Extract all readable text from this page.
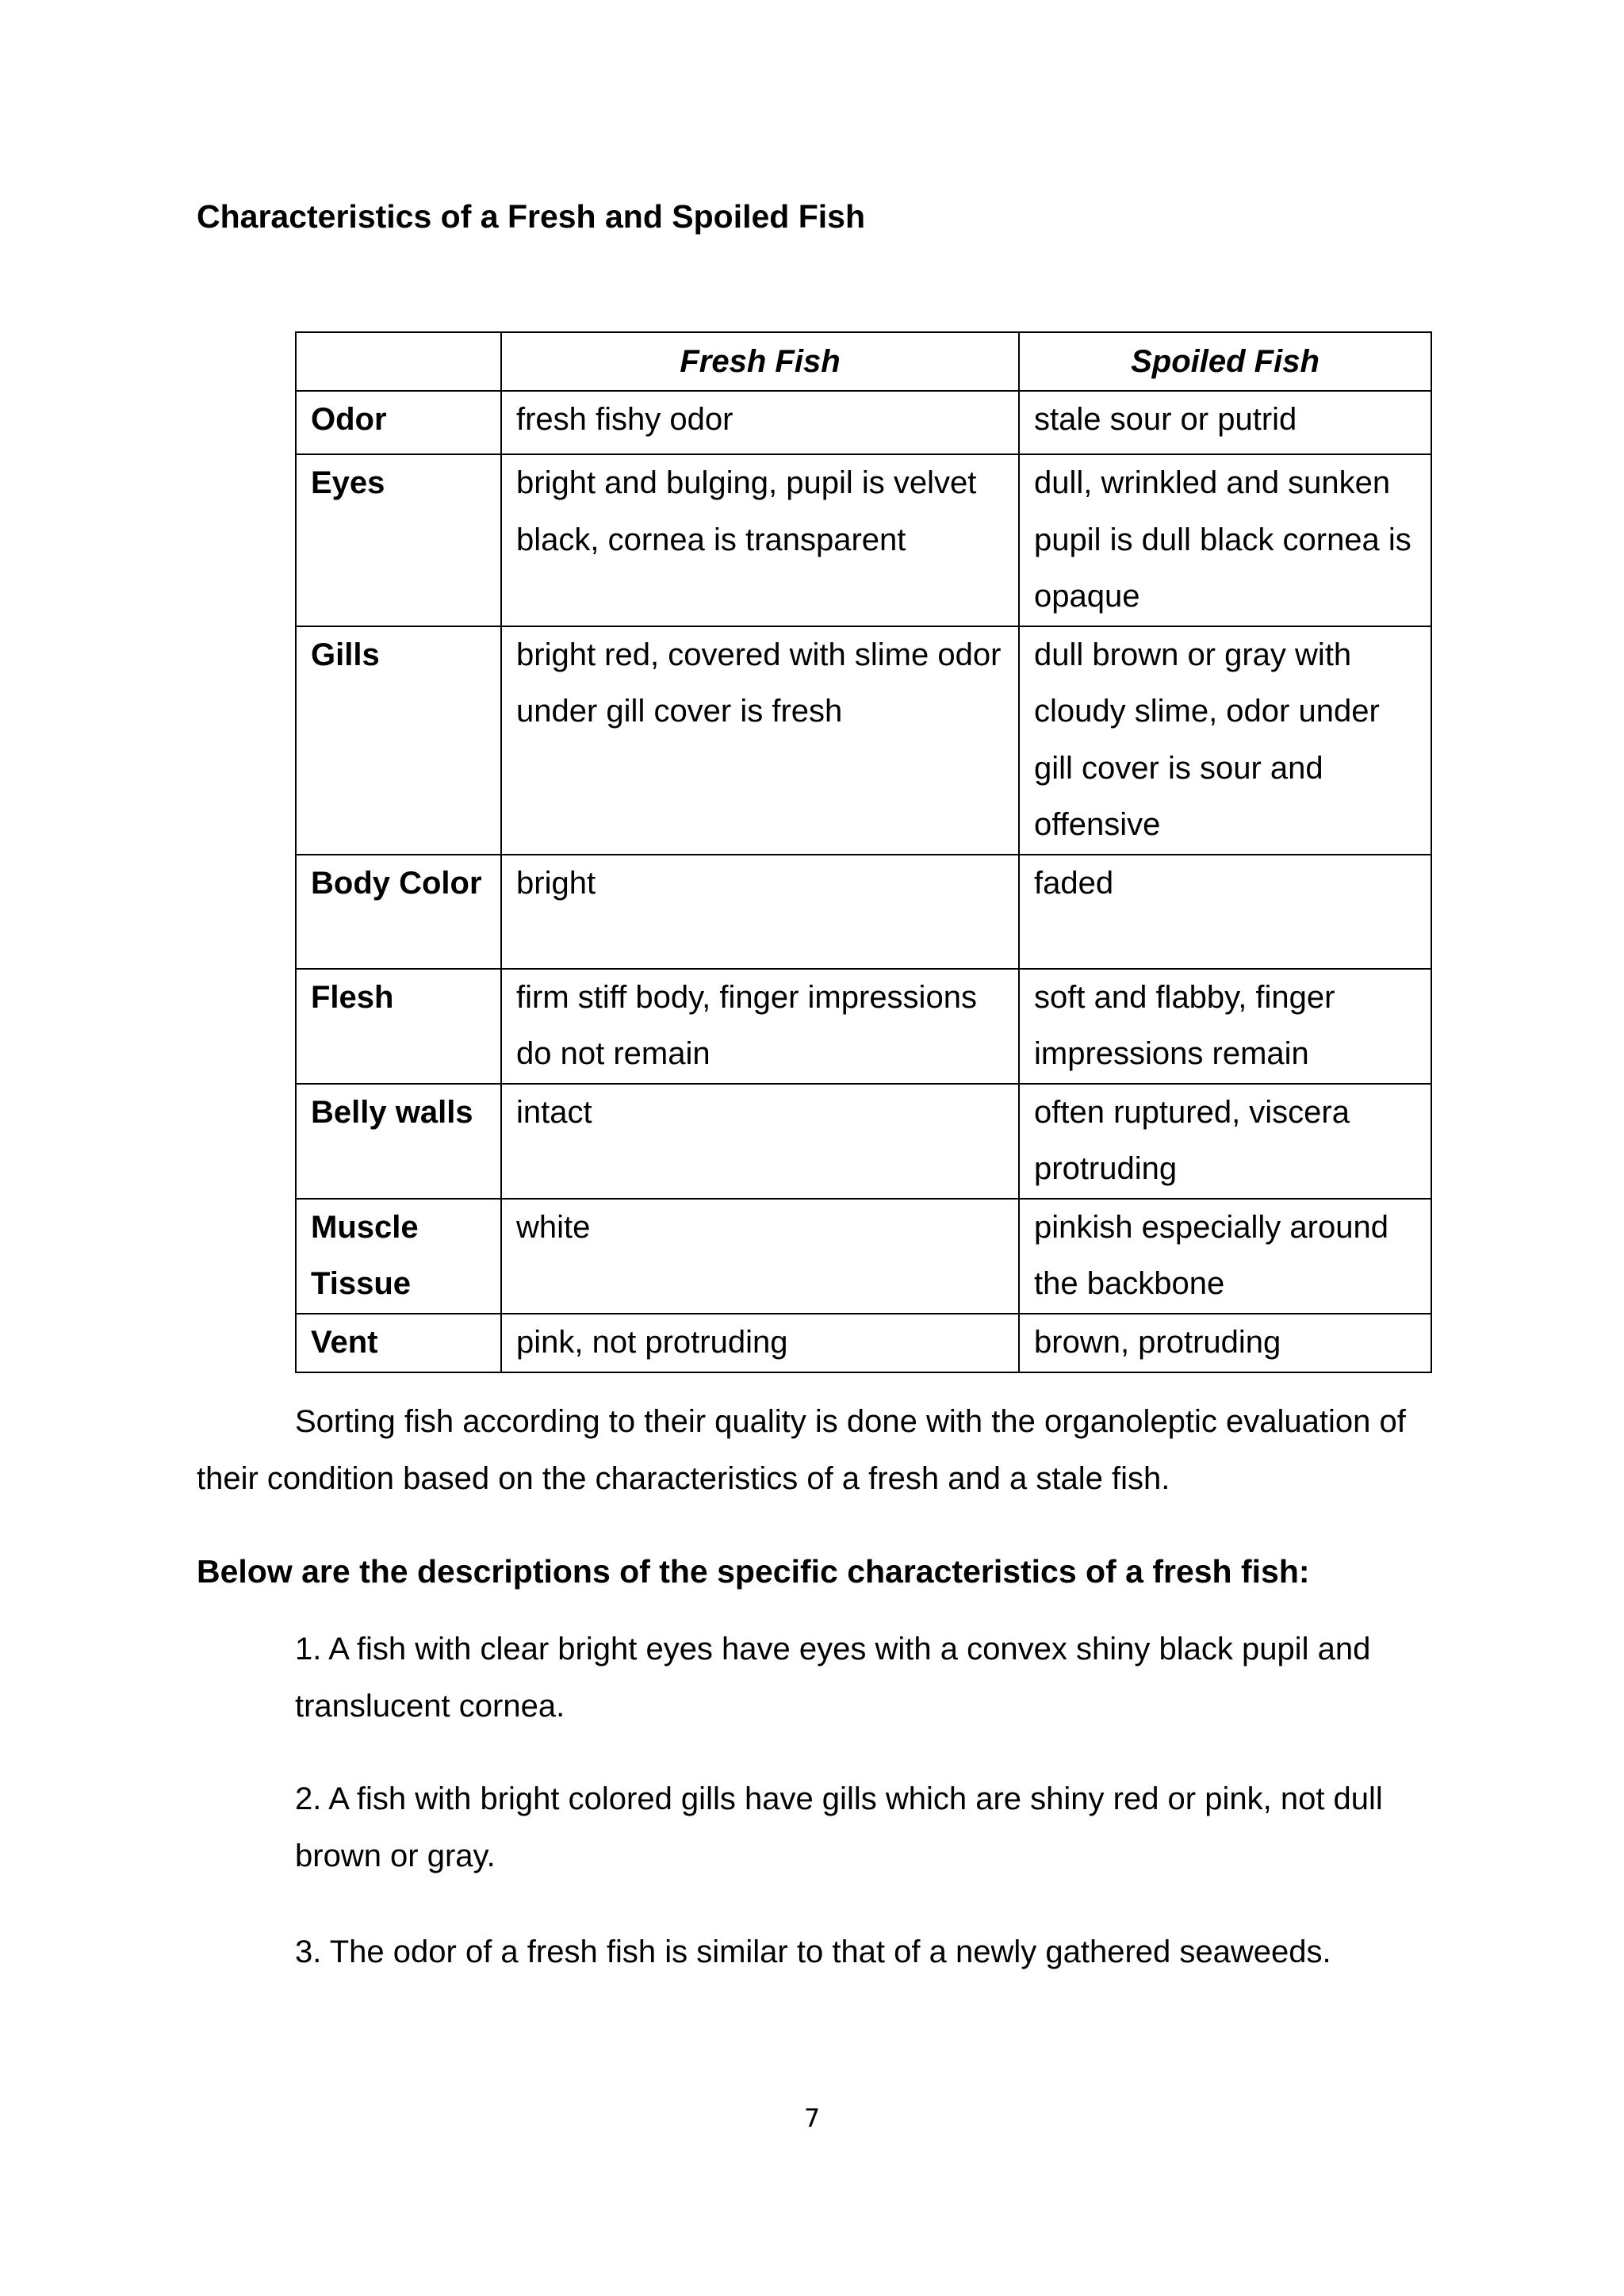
Characteristics of a Fresh and Spoiled Fish
	Fresh Fish	Spoiled Fish
Odor	fresh fishy odor	stale sour or putrid
Eyes	bright and bulging, pupil is velvet black, cornea is transparent	dull, wrinkled and sunken pupil is dull black cornea is opaque
Gills	bright red, covered with slime odor under gill cover is fresh	dull brown or gray with cloudy slime, odor under gill cover is sour and offensive
Body Color	bright	faded
Flesh	firm stiff body, finger impressions do not remain	soft and flabby, finger impressions remain
Belly walls	intact	often ruptured, viscera protruding
Muscle Tissue	white	pinkish especially around the backbone
Vent	pink, not protruding	brown, protruding

Sorting fish according to their quality is done with the organoleptic evaluation of their condition based on the characteristics of a fresh and a stale fish.

Below are the descriptions of the specific characteristics of a fresh fish:

1. A fish with clear bright eyes have eyes with a convex shiny black pupil and translucent cornea.

2. A fish with bright colored gills have gills which are shiny red or pink, not dull brown or gray.

3. The odor of a fresh fish is similar to that of a newly gathered seaweeds.

7
